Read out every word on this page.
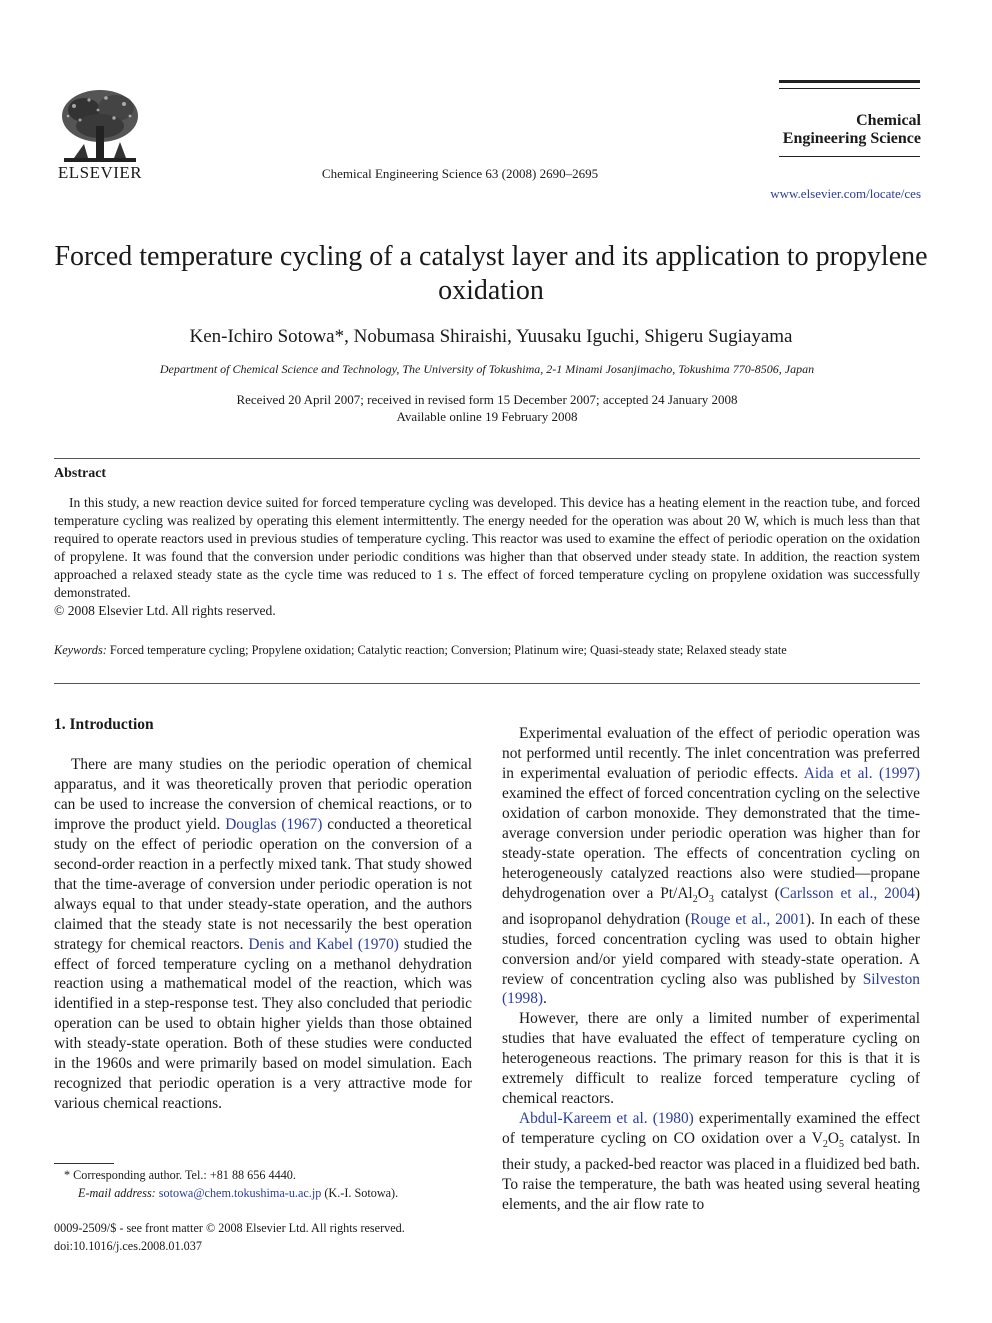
ELSEVIER	Chemical Engineering Science 63 (2008) 2690–2695
Chemical
Engineering Science
www.elsevier.com/locate/ces
Forced temperature cycling of a catalyst layer and its application to propylene oxidation
Ken-Ichiro Sotowa*, Nobumasa Shiraishi, Yuusaku Iguchi, Shigeru Sugiayama
Department of Chemical Science and Technology, The University of Tokushima, 2-1 Minami Josanjimacho, Tokushima 770-8506, Japan
Received 20 April 2007; received in revised form 15 December 2007; accepted 24 January 2008
Available online 19 February 2008
Abstract

In this study, a new reaction device suited for forced temperature cycling was developed. This device has a heating element in the reaction tube, and forced temperature cycling was realized by operating this element intermittently. The energy needed for the operation was about 20 W, which is much less than that required to operate reactors used in previous studies of temperature cycling. This reactor was used to examine the effect of periodic operation on the oxidation of propylene. It was found that the conversion under periodic conditions was higher than that observed under steady state. In addition, the reaction system approached a relaxed steady state as the cycle time was reduced to 1 s. The effect of forced temperature cycling on propylene oxidation was successfully demonstrated.

© 2008 Elsevier Ltd. All rights reserved.
Keywords: Forced temperature cycling; Propylene oxidation; Catalytic reaction; Conversion; Platinum wire; Quasi-steady state; Relaxed steady state
1. Introduction

There are many studies on the periodic operation of chemical apparatus, and it was theoretically proven that periodic operation can be used to increase the conversion of chemical reactions, or to improve the product yield. Douglas (1967) conducted a theoretical study on the effect of periodic operation on the conversion of a second-order reaction in a perfectly mixed tank. That study showed that the time-average of conversion under periodic operation is not always equal to that under steady-state operation, and the authors claimed that the steady state is not necessarily the best operation strategy for chemical reactors. Denis and Kabel (1970) studied the effect of forced temperature cycling on a methanol dehydration reaction using a mathematical model of the reaction, which was identified in a step-response test. They also concluded that periodic operation can be used to obtain higher yields than those obtained with steady-state operation. Both of these studies were conducted in the 1960s and were primarily based on model simulation. Each recognized that periodic operation is a very attractive mode for various chemical reactions.

Experimental evaluation of the effect of periodic operation was not performed until recently. The inlet concentration was preferred in experimental evaluation of periodic effects. Aida et al. (1997) examined the effect of forced concentration cycling on the selective oxidation of carbon monoxide. They demonstrated that the time-average conversion under periodic operation was higher than for steady-state operation. The effects of concentration cycling on heterogeneously catalyzed reactions also were studied—propane dehydrogenation over a $Pt/Al_2O_3$ catalyst (Carlsson et al., 2004) and isopropanol dehydration (Rouge et al., 2001). In each of these studies, forced concentration cycling was used to obtain higher conversion and/or yield compared with steady-state operation. A review of concentration cycling also was published by Silveston (1998).

However, there are only a limited number of experimental studies that have evaluated the effect of temperature cycling on heterogeneous reactions. The primary reason for this is that it is extremely difficult to realize forced temperature cycling of chemical reactors.

Abdul-Kareem et al. (1980) experimentally examined the effect of temperature cycling on CO oxidation over a $V_2O_5$ catalyst. In their study, a packed-bed reactor was placed in a fluidized bed bath. To raise the temperature, the bath was heated using several heating elements, and the air flow rate to

* Corresponding author. Tel.: +81 88 656 4440.
E-mail address: sotowa@chem.tokushima-u.ac.jp (K.-I. Sotowa).
0009-2509/$ - see front matter © 2008 Elsevier Ltd. All rights reserved.
doi:10.1016/j.ces.2008.01.037
